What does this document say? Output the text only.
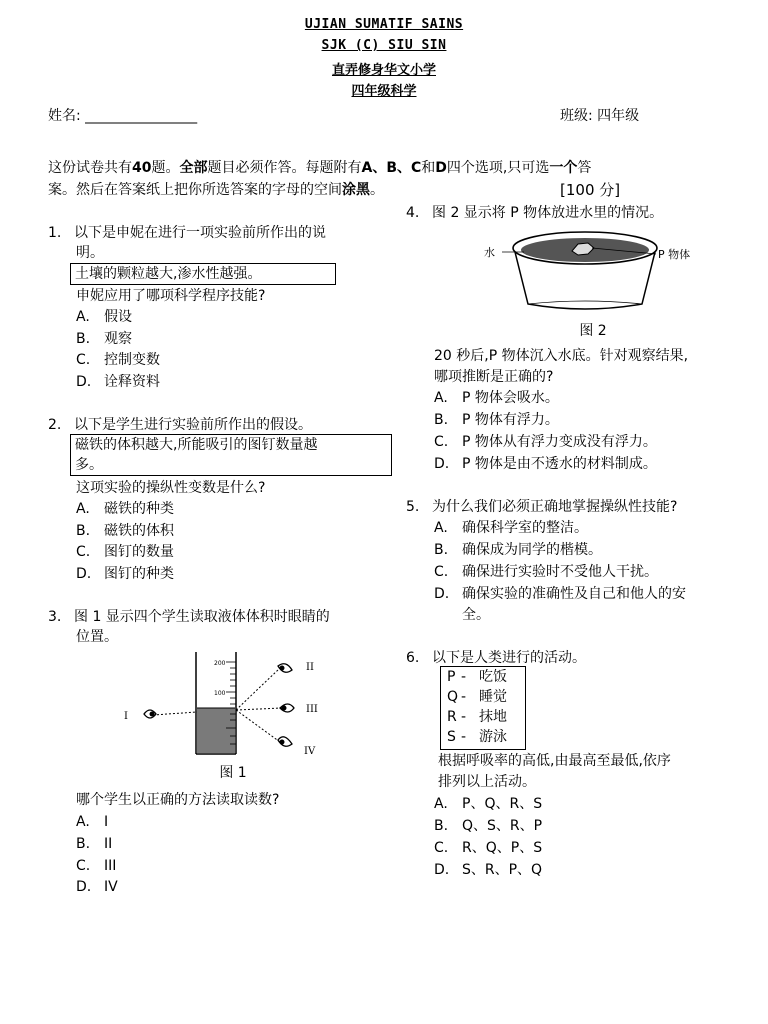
UJIAN SUMATIF SAINS
SJK (C) SIU SIN
直弄修身华文小学
四年级科学
姓名: ________________	班级: 四年级
这份试卷共有40题。全部题目必须作答。每题附有A、B、C和D四个选项,只可选一个答
案。然后在答案纸上把你所选答案的字母的空间涂黑。	[100 分]
1. 以下是申妮在进行一项实验前所作出的说
明。
土壤的颗粒越大,渗水性越强。
申妮应用了哪项科学程序技能?
A. 假设
B. 观察
C. 控制变数
D. 诠释资料
2. 以下是学生进行实验前所作出的假设。
磁铁的体积越大,所能吸引的图钉数量越
多。
这项实验的操纵性变数是什么?
A. 磁铁的种类
B. 磁铁的体积
C. 图钉的数量
D. 图钉的种类
3. 图 1 显示四个学生读取液体体积时眼睛的
位置。
200
100
I
II
III
IV
图 1
哪个学生以正确的方法读取读数?
A. I
B. II
C. III
D. IV
4. 图 2 显示将 P 物体放进水里的情况。
水	P 物体
图 2
20 秒后,P 物体沉入水底。针对观察结果,
哪项推断是正确的?
A. P 物体会吸水。
B. P 物体有浮力。
C. P 物体从有浮力变成没有浮力。
D. P 物体是由不透水的材料制成。
5. 为什么我们必须正确地掌握操纵性技能?
A. 确保科学室的整洁。
B. 确保成为同学的楷模。
C. 确保进行实验时不受他人干扰。
D. 确保实验的准确性及自己和他人的安
全。
6. 以下是人类进行的活动。
P - 吃饭
Q - 睡觉
R - 抹地
S - 游泳
根据呼吸率的高低,由最高至最低,依序
排列以上活动。
A. P、Q、R、S
B. Q、S、R、P
C. R、Q、P、S
D. S、R、P、Q
